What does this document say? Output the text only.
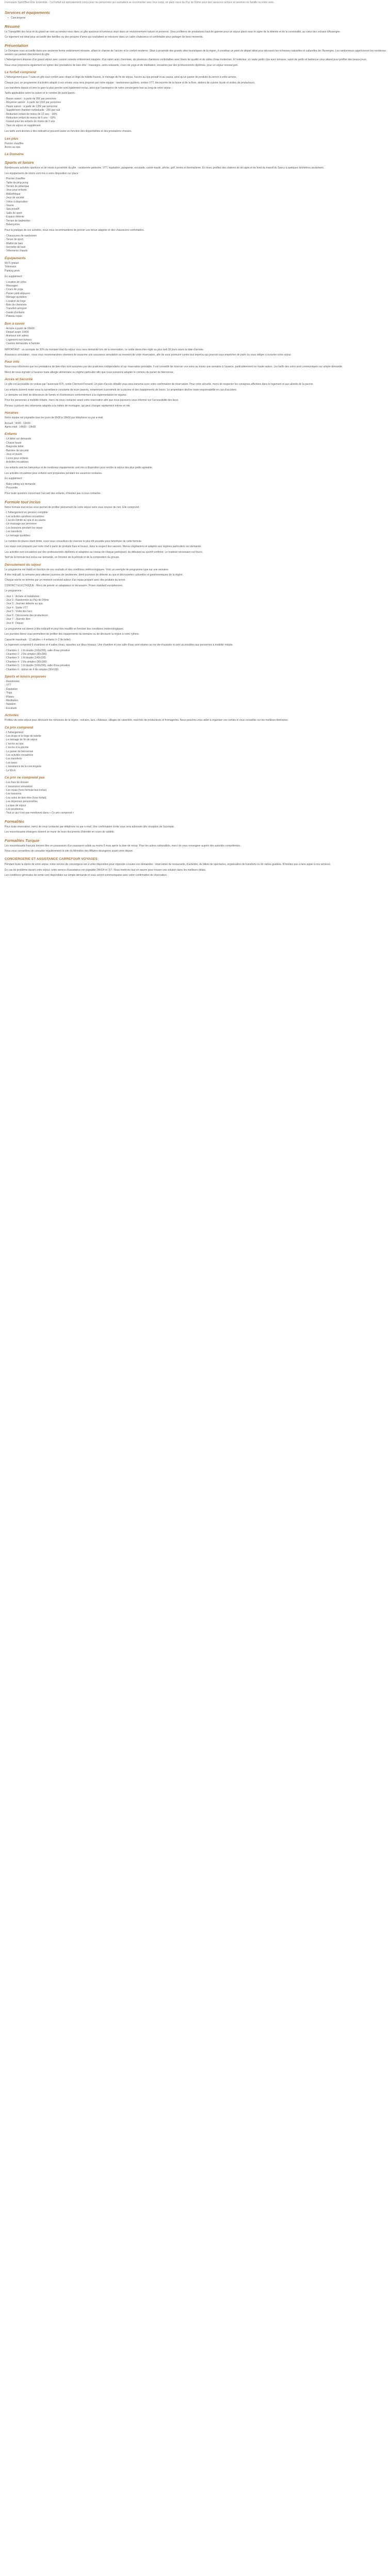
Formulaire Sport/Bien Être Ensemble - Ce Forfait est spécialement conçu pour les personnes qui souhaitent se reconnecter avec leur corps, en plein cœur du Puy de Dôme pour des vacances actives et sereines en famille ou entre amis.

Services et équipements
• Conciergerie
Résumé

La Tranquillité des lieux et du grand air sont au rendez-vous dans ce gîte spacieux et lumineux situé dans un environnement naturel et préservé. Vous profiterez de prestations haut de gamme pour un séjour placé sous le signe de la détente et de la convivialité, au cœur des volcans d'Auvergne.

Ce logement est idéal pour accueillir des familles ou des groupes d'amis qui souhaitent se retrouver dans un cadre chaleureux et confortable pour partager de bons moments.

Présentation

Le Domaine vous accueille dans une ancienne ferme entièrement rénovée, alliant le charme de l'ancien et le confort moderne. Situé à proximité des grands sites touristiques de la région, il constitue un point de départ idéal pour découvrir les richesses naturelles et culturelles de l'Auvergne. Les randonneurs apprécieront les nombreux sentiers qui partent directement du gîte.

L'hébergement dispose d'un grand séjour avec cuisine ouverte entièrement équipée, d'un salon avec cheminée, de plusieurs chambres confortables avec literie de qualité et de salles d'eau modernes. À l'extérieur, un vaste jardin clos avec terrasse, salon de jardin et barbecue vous attend pour profiter des beaux jours.

Nous vous proposons également en option des prestations de bien-être : massages, soins relaxants, cours de yoga et de méditation, encadrés par des professionnels diplômés, pour un séjour ressourçant.

Le forfait comprend

L'hébergement pour 7 nuits en gîte tout confort avec draps et linge de toilette fournis, le ménage de fin de séjour, l'accès au spa privatif et au sauna, ainsi qu'un panier de produits du terroir à votre arrivée.

Chaque jour, un programme d'activités adapté à vos envies vous sera proposé par notre équipe : randonnées guidées, sorties VTT, découverte de la faune et de la flore, ateliers de cuisine locale et visites de producteurs.

Les transferts depuis et vers la gare la plus proche sont également inclus, ainsi que l'assistance de notre conciergerie tout au long de votre séjour.

Tarifs applicables selon la saison et le nombre de participants :

- Basse saison : à partir de 95€ par personne
- Moyenne saison : à partir de 115€ par personne
- Haute saison : à partir de 135€ par personne
- Supplément chambre individuelle : 25€ par nuit
- Réduction enfant de moins de 12 ans : -30%
- Réduction enfant de moins de 6 ans : -50%
- Gratuit pour les enfants de moins de 2 ans
- Taxe de séjour en supplément

Les tarifs sont donnés à titre indicatif et peuvent varier en fonction des disponibilités et des prestations choisies.

Les plus
Piscine chauffée
Accès au spa
Le Domaine
Sports et loisirs

Nombreuses activités sportives et de loisirs à proximité du gîte : randonnée pédestre, VTT, équitation, parapente, escalade, canoë-kayak, pêche, golf, tennis et thermalisme. En hiver, profitez des stations de ski alpin et de fond du massif du Sancy à quelques kilomètres seulement.

Les équipements de loisirs sont mis à votre disposition sur place :

- Piscine chauffée
- Table de ping-pong
- Terrain de pétanque
- Jeux pour enfants
- Bibliothèque
- Jeux de société
- Vélos à disposition
- Sauna
- Spa privatif
- Salle de sport
- Espace détente
- Terrain de badminton
- Balançoires

Pour la pratique de ces activités, nous vous recommandons de prévoir une tenue adaptée et des chaussures confortables.

- Chaussures de randonnée
- Tenue de sport
- Maillot de bain
- Serviette de bain
- Vêtements chauds
Équipements
Wi-Fi gratuit
Télévision
Parking privé

En supplément :

- Location de vélos
- Massages
- Cours de yoga
- Panier petit-déjeuner
- Ménage quotidien
- Location de linge
- Bois de cheminée
- Transfert aéroport
- Garde d'enfants
- Plateau repas
Bon à savoir
- Arrivée à partir de 16h00
- Départ avant 10h00
- Animaux non admis
- Logement non-fumeur
- Caution demandée à l'arrivée

IMPORTANT : un acompte de 30% du montant total du séjour vous sera demandé lors de la réservation. Le solde devra être réglé au plus tard 30 jours avant la date d'arrivée.

Assurance annulation : nous vous recommandons vivement de souscrire une assurance annulation au moment de votre réservation, afin de vous prémunir contre tout imprévu qui pourrait vous empêcher de partir ou vous obliger à écourter votre séjour.

Pour info

Nous vous informons que les prestations de bien-être sont assurées par des praticiens indépendants et sur réservation préalable. Il est conseillé de réserver vos soins au moins une semaine à l'avance, particulièrement en haute saison. Les tarifs des soins sont communiqués sur simple demande.

Merci de nous signaler à l'avance toute allergie alimentaire ou régime particulier afin que nous puissions adapter le contenu du panier de bienvenue.

Accès et Sécurité

Le gîte est accessible en voiture par l'autoroute A75, sortie Clermont-Ferrand. Un plan d'accès détaillé vous sera transmis avec votre confirmation de réservation. Pour votre sécurité, merci de respecter les consignes affichées dans le logement et aux abords de la piscine.

Les enfants doivent rester sous la surveillance constante de leurs parents, notamment à proximité de la piscine et des équipements de loisirs. Le propriétaire décline toute responsabilité en cas d'accident.

Le domaine est doté de détecteurs de fumée et d'extincteurs conformément à la réglementation en vigueur.

Pour les personnes à mobilité réduite, merci de nous contacter avant votre réservation afin que nous puissions vous informer sur l'accessibilité des lieux.

Pensez à prévoir des vêtements adaptés à la météo de montagne, qui peut changer rapidement même en été.

Horaires

Notre équipe est joignable tous les jours de 9h00 à 19h00 par téléphone ou par e-mail.

Accueil : 9h00 - 12h00
Après-midi : 14h00 - 19h00
Enfants
- Lit bébé sur demande
- Chaise haute
- Baignoire bébé
- Barrière de sécurité
- Jeux et jouets
- Livres pour enfants
- Activités encadrées

Les enfants sont les bienvenus et de nombreux équipements sont mis à disposition pour rendre le séjour des plus petits agréable.

Les activités encadrées pour enfants sont proposées pendant les vacances scolaires.

En supplément :

- Baby-sitting sur demande
- Poussette

Pour toute question concernant l'accueil des enfants, n'hésitez pas à nous contacter.

Formule tout inclus

Notre formule tout inclus vous permet de profiter pleinement de votre séjour sans vous soucier de rien. Elle comprend :

- L'hébergement en pension complète
- Les activités sportives encadrées
- L'accès illimité au spa et au sauna
- Un massage par personne
- Les boissons pendant les repas
- Les transferts
- Le ménage quotidien

Le nombre de places étant limité, nous vous conseillons de réserver le plus tôt possible pour bénéficier de cette formule.

Les repas sont préparés par notre chef à partir de produits frais et locaux, dans le respect des saisons. Menus végétariens et adaptés aux régimes particuliers sur demande.

Les activités sont encadrées par des professionnels diplômés et adaptées au niveau de chaque participant, du débutant au sportif confirmé. Le matériel nécessaire est fourni.

Tarif de la formule tout inclus sur demande, en fonction de la période et de la composition du groupe.

Déroulement du séjour

Le programme est établi en fonction de vos souhaits et des conditions météorologiques. Voici un exemple de programme type sur une semaine.

À titre indicatif, la semaine peut alterner journées de randonnée, demi-journées de détente au spa et découvertes culturelles et gastronomiques de la région.

Chaque soirée se termine par un moment convivial autour d'un repas préparé avec des produits du terroir.

CONTACT ÉLECTRIQUE : Merci de prévoir un adaptateur si nécessaire. Prises standard européennes.

Le programme :

- Jour 1 : Arrivée et installation
- Jour 2 : Randonnée au Puy de Dôme
- Jour 3 : Journée détente au spa
- Jour 4 : Sortie VTT
- Jour 5 : Visite des lacs
- Jour 6 : Découverte des producteurs
- Jour 7 : Journée libre
- Jour 8 : Départ

Le programme est donné à titre indicatif et peut être modifié en fonction des conditions météorologiques.

Les journées libres vous permettent de profiter des équipements du domaine ou de découvrir la région à votre rythme.

Capacité maximale : 12 adultes + 4 enfants (+ 2 lits bébé).

Le logement comprend 6 chambres et 4 salles d'eau, réparties sur deux niveaux. Une chambre et une salle d'eau sont situées au rez-de-chaussée et sont accessibles aux personnes à mobilité réduite.

- Chambre 1 : 1 lit double (160x200), salle d'eau privative
- Chambre 2 : 2 lits simples (90x190)
- Chambre 3 : 1 lit double (140x190)
- Chambre 4 : 2 lits simples (90x190)
- Chambre 5 : 1 lit double (160x200), salle d'eau privative
- Chambre 6 : dortoir de 4 lits simples (90x190)

Sports et loisirs proposés
- Randonnée
- VTT
- Équitation
- Yoga
- Pilates
- Méditation
- Natation
- Escalade
Activités

Profitez de votre séjour pour découvrir les richesses de la région : volcans, lacs, châteaux, villages de caractère, marchés de producteurs et fromageries. Nous pouvons vous aider à organiser vos sorties et vous conseiller sur les meilleurs itinéraires.

Ce prix comprend
- L'hébergement
- Les draps et le linge de toilette
- Le ménage de fin de séjour
- L'accès au spa
- L'accès à la piscine
- Le panier de bienvenue
- Les activités encadrées
- Les transferts
- Les taxes
- L'assistance de la conciergerie
- Le Wi-Fi
Ce prix ne comprend pas
- Les frais de dossier
- L'assurance annulation
- Les repas (hors formule tout inclus)
- Les boissons
- Les soins de bien-être (hors forfait)
- Les dépenses personnelles
- La taxe de séjour
- Les pourboires
- Tout ce qui n'est pas mentionné dans « Ce prix comprend »
Formalités

Pour toute réservation, merci de nous contacter par téléphone ou par e-mail. Une confirmation écrite vous sera adressée dès réception de l'acompte.

Les ressortissants étrangers doivent se munir de leurs documents d'identité en cours de validité.

Formalités Turquie

Les ressortissants français doivent être en possession d'un passeport valide au moins 6 mois après la date de retour. Pour les autres nationalités, merci de vous renseigner auprès des autorités compétentes.

Nous vous conseillons de consulter régulièrement le site du Ministère des Affaires étrangères avant votre départ.

CONCIERGERIE ET ASSISTANCE CARREFOUR VOYAGES

Pendant toute la durée de votre séjour, notre service de conciergerie est à votre disposition pour répondre à toutes vos demandes : réservation de restaurants, d'activités, de billets de spectacles, organisation de transferts ou de visites guidées. N'hésitez pas à faire appel à nos services.

En cas de problème durant votre séjour, notre service d'assistance est joignable 24h/24 et 7j/7. Nous mettrons tout en œuvre pour trouver une solution dans les meilleurs délais.

Les conditions générales de vente sont disponibles sur simple demande et vous seront communiquées avec votre confirmation de réservation.
